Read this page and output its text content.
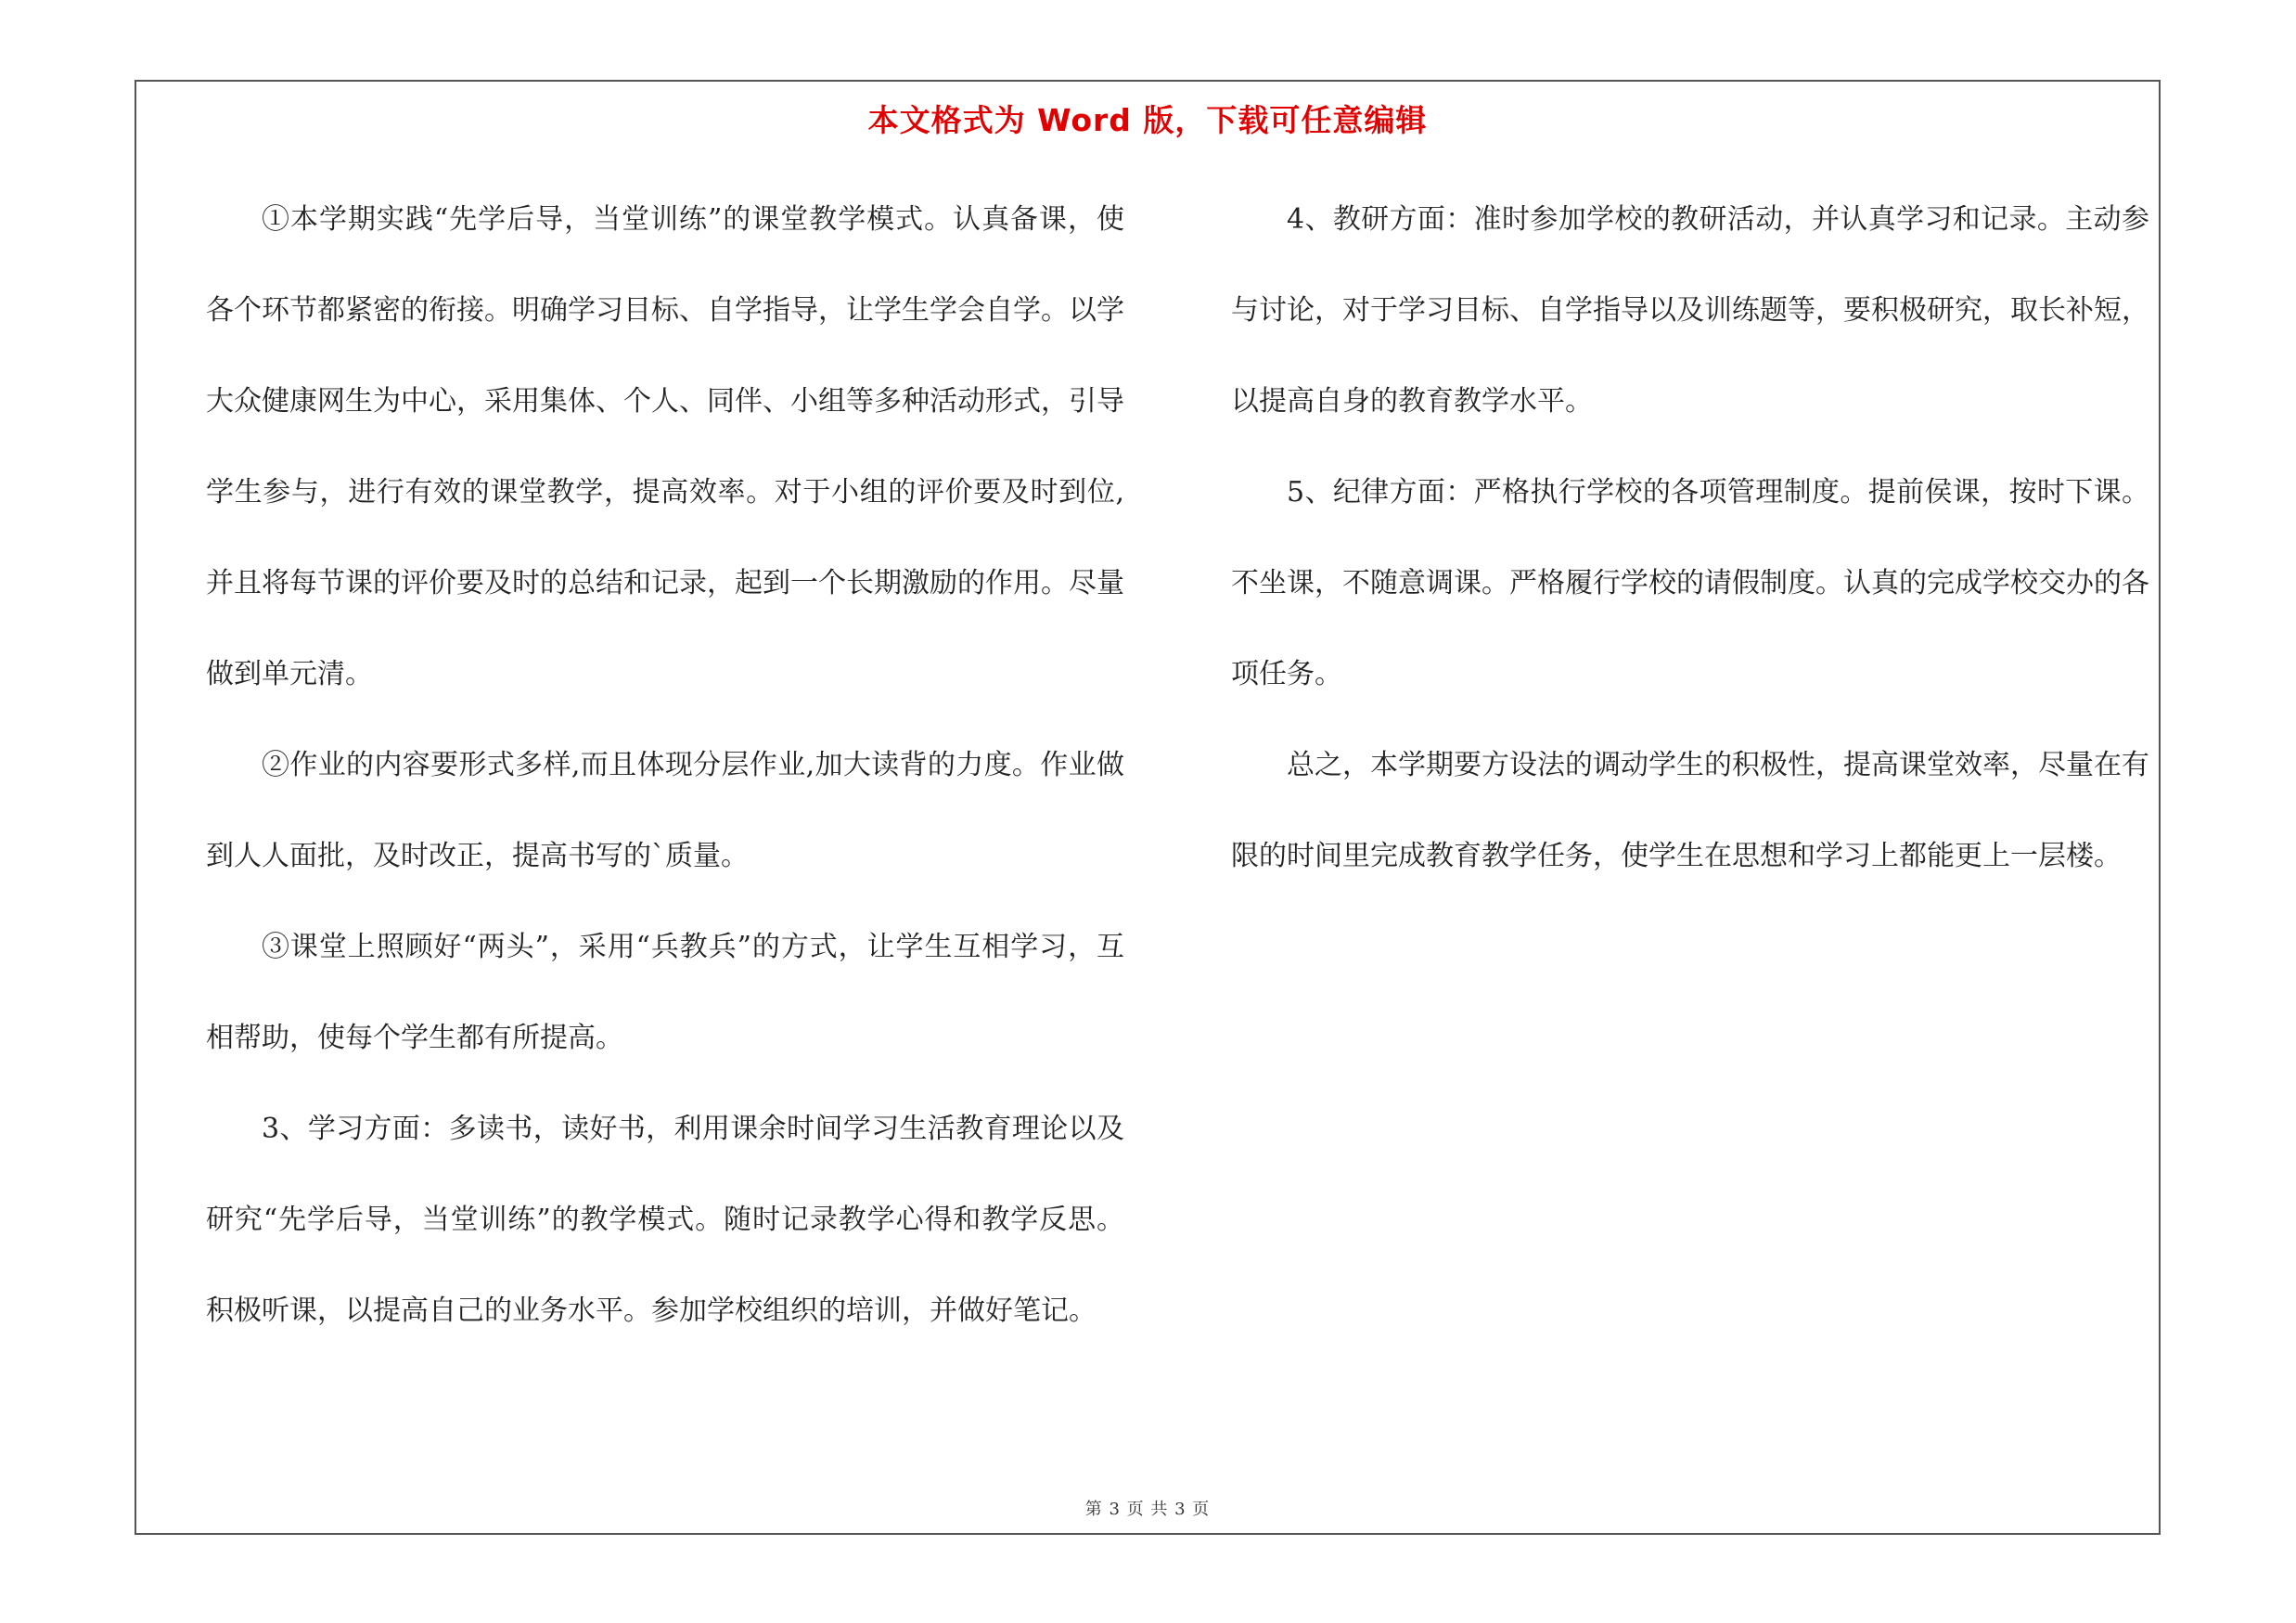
本文格式为 Word 版，下载可任意编辑

①本学期实践“先学后导，当堂训练”的课堂教学模式。认真备课，使各个环节都紧密的衔接。明确学习目标、自学指导，让学生学会自学。以学大众健康网生为中心，采用集体、个人、同伴、小组等多种活动形式，引导学生参与，进行有效的课堂教学，提高效率。对于小组的评价要及时到位,并且将每节课的评价要及时的总结和记录，起到一个长期激励的作用。尽量做到单元清。

②作业的内容要形式多样,而且体现分层作业,加大读背的力度。作业做到人人面批，及时改正，提高书写的`质量。

③课堂上照顾好“两头”，采用“兵教兵”的方式，让学生互相学习，互相帮助，使每个学生都有所提高。

3、学习方面：多读书，读好书，利用课余时间学习生活教育理论以及研究“先学后导，当堂训练”的教学模式。随时记录教学心得和教学反思。积极听课，以提高自己的业务水平。参加学校组织的培训，并做好笔记。

4、教研方面：准时参加学校的教研活动，并认真学习和记录。主动参与讨论，对于学习目标、自学指导以及训练题等，要积极研究，取长补短，以提高自身的教育教学水平。

5、纪律方面：严格执行学校的各项管理制度。提前侯课，按时下课。不坐课，不随意调课。严格履行学校的请假制度。认真的完成学校交办的各项任务。

总之，本学期要方设法的调动学生的积极性，提高课堂效率，尽量在有限的时间里完成教育教学任务，使学生在思想和学习上都能更上一层楼。

第 3 页 共 3 页
